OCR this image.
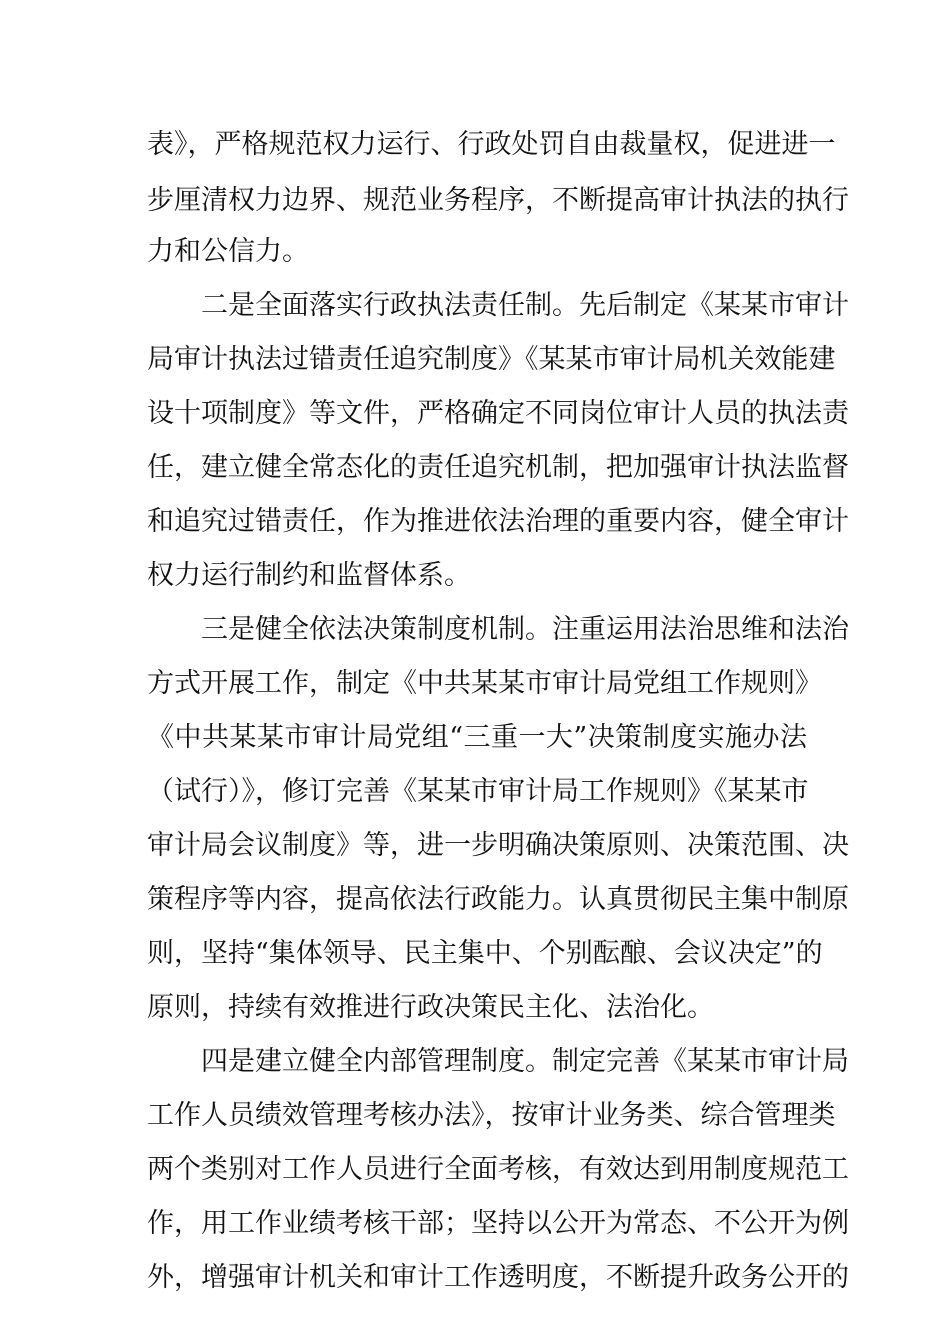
表》，严格规范权力运行、行政处罚自由裁量权，促进进一

步厘清权力边界、规范业务程序，不断提高审计执法的执行

力和公信力。

二是全面落实行政执法责任制。先后制定《某某市审计

局审计执法过错责任追究制度》《某某市审计局机关效能建

设十项制度》等文件，严格确定不同岗位审计人员的执法责

任，建立健全常态化的责任追究机制，把加强审计执法监督

和追究过错责任，作为推进依法治理的重要内容，健全审计

权力运行制约和监督体系。

三是健全依法决策制度机制。注重运用法治思维和法治

方式开展工作，制定《中共某某市审计局党组工作规则》

《中共某某市审计局党组“三重一大”决策制度实施办法

（试行）》，修订完善《某某市审计局工作规则》《某某市

审计局会议制度》等，进一步明确决策原则、决策范围、决

策程序等内容，提高依法行政能力。认真贯彻民主集中制原

则，坚持“集体领导、民主集中、个别酝酿、会议决定”的

原则，持续有效推进行政决策民主化、法治化。

四是建立健全内部管理制度。制定完善《某某市审计局

工作人员绩效管理考核办法》，按审计业务类、综合管理类

两个类别对工作人员进行全面考核，有效达到用制度规范工

作，用工作业绩考核干部；坚持以公开为常态、不公开为例

外，增强审计机关和审计工作透明度，不断提升政务公开的
